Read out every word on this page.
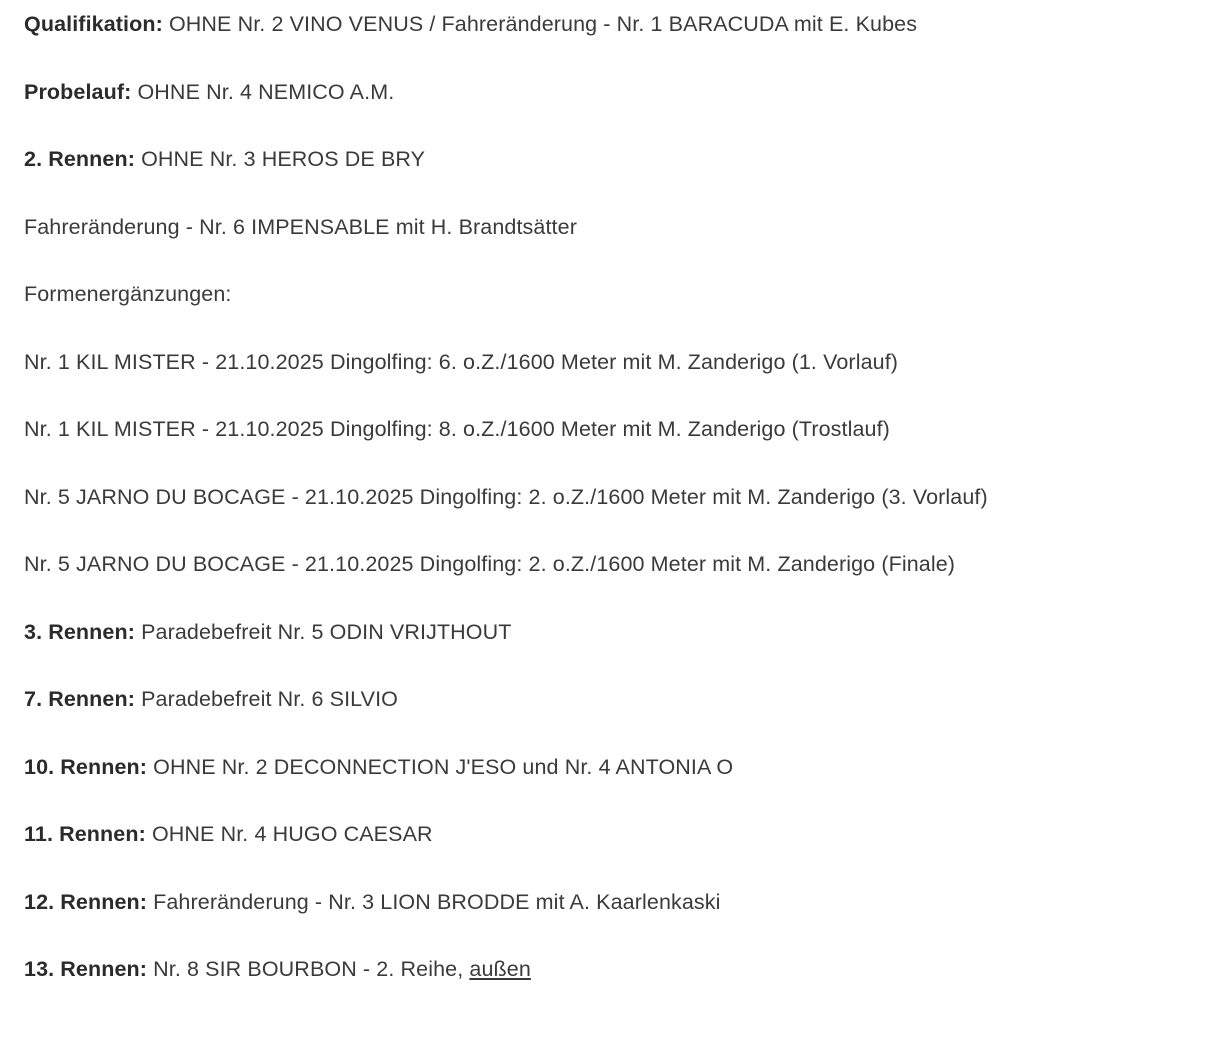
Qualifikation: OHNE Nr. 2 VINO VENUS / Fahreränderung - Nr. 1 BARACUDA mit E. Kubes

Probelauf: OHNE Nr. 4 NEMICO A.M.

2. Rennen: OHNE Nr. 3 HEROS DE BRY

Fahreränderung - Nr. 6 IMPENSABLE mit H. Brandtsätter

Formenergänzungen:

Nr. 1 KIL MISTER - 21.10.2025 Dingolfing: 6. o.Z./1600 Meter mit M. Zanderigo (1. Vorlauf)

Nr. 1 KIL MISTER - 21.10.2025 Dingolfing: 8. o.Z./1600 Meter mit M. Zanderigo (Trostlauf)

Nr. 5 JARNO DU BOCAGE - 21.10.2025 Dingolfing: 2. o.Z./1600 Meter mit M. Zanderigo (3. Vorlauf)

Nr. 5 JARNO DU BOCAGE - 21.10.2025 Dingolfing: 2. o.Z./1600 Meter mit M. Zanderigo (Finale)

3. Rennen: Paradebefreit Nr. 5 ODIN VRIJTHOUT

7. Rennen: Paradebefreit Nr. 6 SILVIO

10. Rennen: OHNE Nr. 2 DECONNECTION J'ESO und Nr. 4 ANTONIA O

11. Rennen: OHNE Nr. 4 HUGO CAESAR

12. Rennen: Fahreränderung - Nr. 3 LION BRODDE mit A. Kaarlenkaski

13. Rennen: Nr. 8 SIR BOURBON - 2. Reihe, außen
